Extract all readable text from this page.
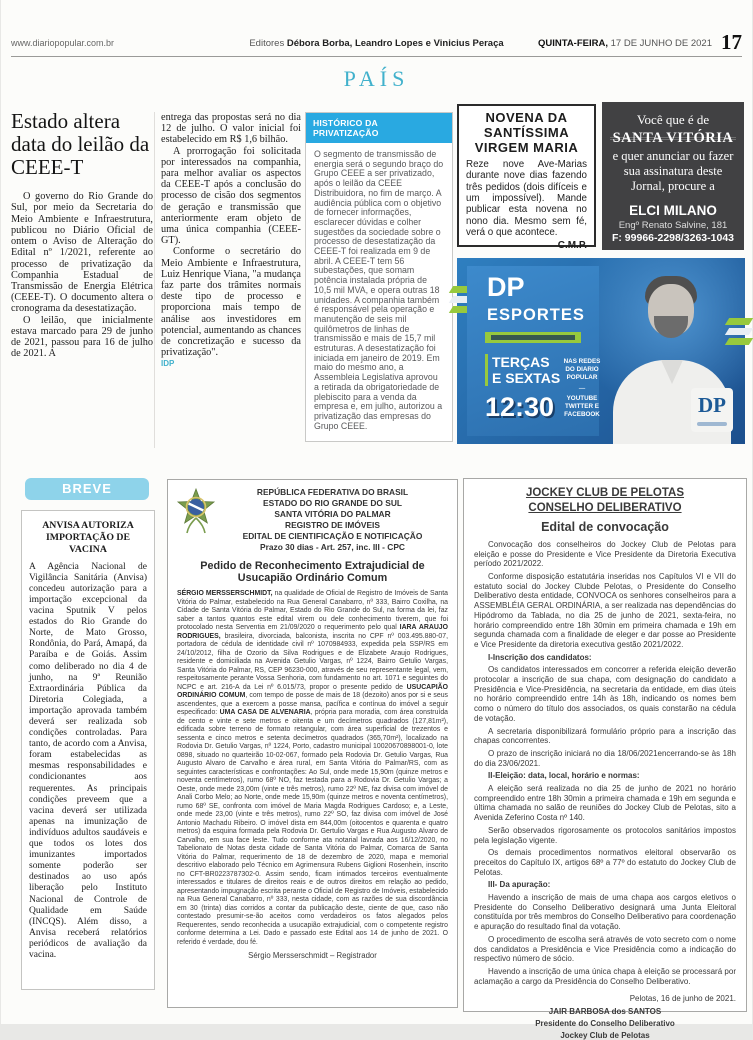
www.diariopopular.com.br	Editores Débora Borba, Leandro Lopes e Vinicius Peraça	QUINTA-FEIRA, 17 DE JUNHO DE 2021 17
PAÍS
Estado altera data do leilão da CEEE-T

O governo do Rio Grande do Sul, por meio da Secretaria do Meio Ambiente e Infraestrutura, publicou no Diário Oficial de ontem o Aviso de Alteração do Edital nº 1/2021, referente ao processo de privatização da Companhia Estadual de Transmissão de Energia Elétrica (CEEE-T). O documento altera o cronograma da desestatização.

O leilão, que inicialmente estava marcado para 29 de junho de 2021, passou para 16 de julho de 2021. A

entrega das propostas será no dia 12 de julho. O valor inicial foi estabelecido em R$ 1,6 bilhão.

A prorrogação foi solicitada por interessados na companhia, para melhor avaliar os aspectos da CEEE-T após a conclusão do processo de cisão dos segmentos de geração e transmissão que anteriormente eram objeto de uma única companhia (CEEE-GT).

Conforme o secretário do Meio Ambiente e Infraestrutura, Luiz Henrique Viana, "a mudança faz parte dos trâmites normais deste tipo de processo e proporciona mais tempo de análise aos investidores em potencial, aumentando as chances de concretização e sucesso da privatização".

IDP
HISTÓRICO DA PRIVATIZAÇÃO
O segmento de transmissão de energia será o segundo braço do Grupo CEEE a ser privatizado, após o leilão da CEEE Distribuidora, no fim de março. A audiência pública com o objetivo de fornecer informações, esclarecer dúvidas e colher sugestões da sociedade sobre o processo de desestatização da CEEE-T foi realizada em 9 de abril. A CEEE-T tem 56 subestações, que somam potência instalada própria de 10,5 mil MVA, e opera outras 18 unidades. A companhia também é responsável pela operação e manutenção de seis mil quilômetros de linhas de transmissão e mais de 15,7 mil estruturas. A desestatização foi iniciada em janeiro de 2019. Em maio do mesmo ano, a Assembleia Legislativa aprovou a retirada da obrigatoriedade de plebiscito para a venda da empresa e, em julho, autorizou a privatização das empresas do Grupo CEEE.
NOVENA DA SANTÍSSIMA VIRGEM MARIA
Reze nove Ave-Marias durante nove dias fazendo três pedidos (dois difíceis e um impossível). Mande publicar esta novena no nono dia. Mesmo sem fé, verá o que acontece.
C.M.P.
Você que é de
SANTA VITÓRIA
e quer anunciar ou fazer sua assinatura deste Jornal, procure a
ELCI MILANO
Engº Renato Salvine, 181
F: 99966-2298/3263-1043
DP
ESPORTES
TERÇAS
E SEXTAS
12:30
NAS REDES DO DIARIO POPULAR
—
YOUTUBE TWITTER E FACEBOOK	DP
BREVE
ANVISA AUTORIZA IMPORTAÇÃO DE VACINA
A Agência Nacional de Vigilância Sanitária (Anvisa) concedeu autorização para a importação excepcional da vacina Sputnik V pelos estados do Rio Grande do Norte, de Mato Grosso, Rondônia, do Pará, Amapá, da Paraíba e de Goiás. Assim como deliberado no dia 4 de junho, na 9ª Reunião Extraordinária Pública da Diretoria Colegiada, a importação aprovada também deverá ser realizada sob condições controladas. Para tanto, de acordo com a Anvisa, foram estabelecidas as mesmas responsabilidades e condicionantes aos requerentes. As principais condições preveem que a vacina deverá ser utilizada apenas na imunização de indivíduos adultos saudáveis e que todos os lotes dos imunizantes importados somente poderão ser destinados ao uso após liberação pelo Instituto Nacional de Controle de Qualidade em Saúde (INCQS). Além disso, a Anvisa receberá relatórios periódicos de avaliação da vacina.
REPÚBLICA FEDERATIVA DO BRASIL
ESTADO DO RIO GRANDE DO SUL
SANTA VITÓRIA DO PALMAR
REGISTRO DE IMÓVEIS
EDITAL DE CIENTIFICAÇÃO E NOTIFICAÇÃO
Prazo 30 dias - Art. 257, inc. III - CPC
Pedido de Reconhecimento Extrajudicial de Usucapião Ordinário Comum
SÉRGIO MERSSERSCHMIDT, na qualidade de Oficial de Registro de Imóveis de Santa Vitória do Palmar, estabelecido na Rua General Canabarro, nº 333, Bairro Coxilha, na Cidade de Santa Vitória do Palmar, Estado do Rio Grande do Sul, na forma da lei, faz saber a tantos quantos este edital virem ou dele conhecimento tiverem, que foi protocolado nesta Serventia em 21/09/2020 o requerimento pelo qual IARA ARAUJO RODRIGUES, brasileira, divorciada, balconista, inscrita no CPF nº 003.495.880-07, portadora de cédula de identidade civil nº 1070984933, expedida pela SSP/RS em 24/10/2012, filha de Ozorio da Silva Rodrigues e de Elizabete Araujo Rodrigues, residente e domiciliada na Avenida Getulio Vargas, nº 1224, Bairro Getulio Vargas, Santa Vitória do Palmar, RS, CEP 96230-000, através de seu representante legal, vem, respeitosamente perante Vossa Senhoria, com fundamento no art. 1071 e seguintes do NCPC e art. 216-A da Lei nº 6.015/73, propor o presente pedido de USUCAPIÃO ORDINÁRIO COMUM, com tempo de posse de mais de 18 (dezoito) anos por si e seus ascendentes, que a exercem a posse mansa, pacífica e contínua do imóvel a seguir especificado: UMA CASA DE ALVENARIA, própria para moradia, com área construída de cento e vinte e sete metros e oitenta e um decímetros quadrados (127,81m²), edificada sobre terreno de formato retangular, com área superficial de trezentos e sessenta e cinco metros e setenta decímetros quadrados (365,70m²), localizado na Rodovia Dr. Getulio Vargas, nº 1224, Porto, cadastro municipal 10020670898001-0, lote 0898, situado no quarteirão 10-02-067, formado pela Rodovia Dr. Getulio Vargas, Rua Augusto Alvaro de Carvalho e área rural, em Santa Vitória do Palmar/RS, com as seguintes características e confrontações: Ao Sul, onde mede 15,90m (quinze metros e noventa centímetros), rumo 68º NO, faz testada para a Rodovia Dr. Getulio Vargas; a Oeste, onde mede 23,00m (vinte e três metros), rumo 22º NE, faz divisa com imóvel de Anali Corbo Melo; ao Norte, onde mede 15,90m (quinze metros e noventa centímetros), rumo 68º SE, confronta com imóvel de Maria Magda Rodrigues Cardoso; e, a Leste, onde mede 23,00 (vinte e três metros), rumo 22º SO, faz divisa com imóvel de José Antonio Machadu Ribeiro. O imóvel dista em 844,00m (oitocentos e quarenta e quatro metros) da esquina formada pela Rodovia Dr. Gertulio Vargas e Rua Augusto Alvaro de Carvalho, em sua face leste. Tudo conforme ata notarial lavrada aos 16/12/2020, no Tabelionato de Notas desta cidade de Santa Vitória do Palmar, Comarca de Santa Vitória do Palmar, requerimento de 18 de dezembro de 2020, mapa e memorial descritivo elaborado pelo Técnico em Agrimensura Rubens Giglioni Rosenhein, inscrito no CFT-BR0223787302-0. Assim sendo, ficam intimados terceiros eventualmente interessados e titulares de direitos reais e de outros direitos em relação ao pedido, apresentando impugnação escrita perante o Oficial de Registro de Imóveis, estabelecido na Rua General Canabarro, nº 333, nesta cidade, com as razões de sua discordância em 30 (trinta) dias corridos a contar da publicação deste, ciente de que, caso não contestado presumir-se-ão aceitos como verdadeiros os fatos alegados pelos Requerentes, sendo reconhecida a usucapião extrajudicial, com o competente registro conforme determina a Lei. Dado e passado este Edital aos 14 de junho de 2021. O referido é verdade, dou fé.
Sérgio Mersserschmidt – Registrador
JOCKEY CLUB DE PELOTAS
CONSELHO DELIBERATIVO
Edital de convocação

Convocação dos conselheiros do Jockey Club de Pelotas para eleição e posse do Presidente e Vice Presidente da Diretoria Executiva período 2021/2022.

Conforme disposição estatutária inseridas nos Capítulos VI e VII do estatuto social do Jockey Clubde Pelotas, o Presidente do Conselho Deliberativo desta entidade, CONVOCA os senhores conselheiros para a ASSEMBLÉIA GERAL ORDINÁRIA, a ser realizada nas dependências do Hipódromo da Tablada, no dia 25 de junho de 2021, sexta-feira, no horário compreendido entre 18h 30min em primeira chamada e 19h em segunda chamada com a finalidade de eleger e dar posse ao Presidente e Vice Presidente da diretoria executiva gestão 2021/2022.

I-Inscrição dos candidatos:

Os candidatos interessados em concorrer a referida eleição deverão protocolar a inscrição de sua chapa, com designação do candidato a Presidência e Vice-Presidência, na secretaria da entidade, em dias úteis no horário compreendido entre 14h às 18h, indicando os nomes bem como o número do título dos associados, os quais constarão na cédula de votação.

A secretaria disponibilizará formulário próprio para a inscrição das chapas concorrentes.

O prazo de inscrição iniciará no dia 18/06/2021encerrando-se às 18h do dia 23/06/2021.

II-Eleição: data, local, horário e normas:

A eleição será realizada no dia 25 de junho de 2021 no horário compreendido entre 18h 30min a primeira chamada e 19h em segunda e última chamada no salão de reuniões do Jockey Club de Pelotas, sito a Avenida Zeferino Costa nº 140.

Serão observados rigorosamente os protocolos sanitários impostos pela legislação vigente.

Os demais procedimentos normativos eleitoral observarão os preceitos do Capítulo IX, artigos 68º a 77º do estatuto do Jockey Club de Pelotas.

III- Da apuração:

Havendo a inscrição de mais de uma chapa aos cargos eletivos o Presidente do Conselho Deliberativo designará uma Junta Eleitoral constituída por três membros do Conselho Deliberativo para coordenação e apuração do resultado final da votação.

O procedimento de escolha será através de voto secreto com o nome dos candidatos a Presidência e Vice Presidência como a indicação do respectivo número de sócio.

Havendo a inscrição de uma única chapa à eleição se processará por aclamação a cargo da Presidência do Conselho Deliberativo.

Pelotas, 16 de junho de 2021.

JAIR BARBOSA dos SANTOS

Presidente do Conselho Deliberativo

Jockey Club de Pelotas
